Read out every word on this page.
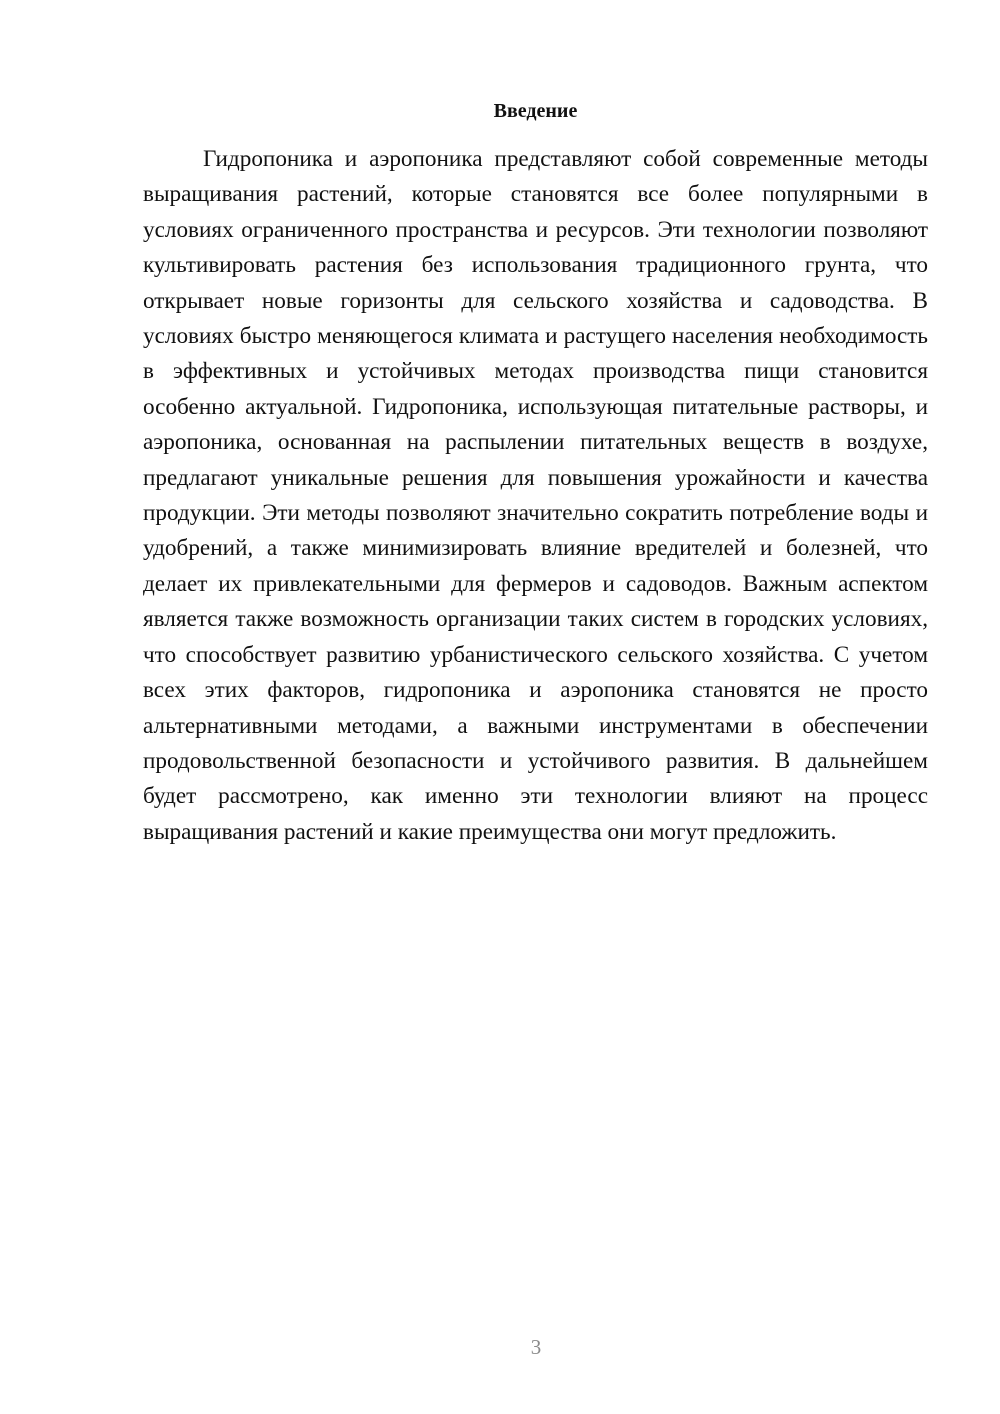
Введение

Гидропоника и аэропоника представляют собой современные методы выращивания растений, которые становятся все более популярными в условиях ограниченного пространства и ресурсов. Эти технологии позволяют культивировать растения без использования традиционного грунта, что открывает новые горизонты для сельского хозяйства и садоводства. В условиях быстро меняющегося климата и растущего населения необходимость в эффективных и устойчивых методах производства пищи становится особенно актуальной. Гидропоника, использующая питательные растворы, и аэропоника, основанная на распылении питательных веществ в воздухе, предлагают уникальные решения для повышения урожайности и качества продукции. Эти методы позволяют значительно сократить потребление воды и удобрений, а также минимизировать влияние вредителей и болезней, что делает их привлекательными для фермеров и садоводов. Важным аспектом является также возможность организации таких систем в городских условиях, что способствует развитию урбанистического сельского хозяйства. С учетом всех этих факторов, гидропоника и аэропоника становятся не просто альтернативными методами, а важными инструментами в обеспечении продовольственной безопасности и устойчивого развития. В дальнейшем будет рассмотрено, как именно эти технологии влияют на процесс выращивания растений и какие преимущества они могут предложить.

3
